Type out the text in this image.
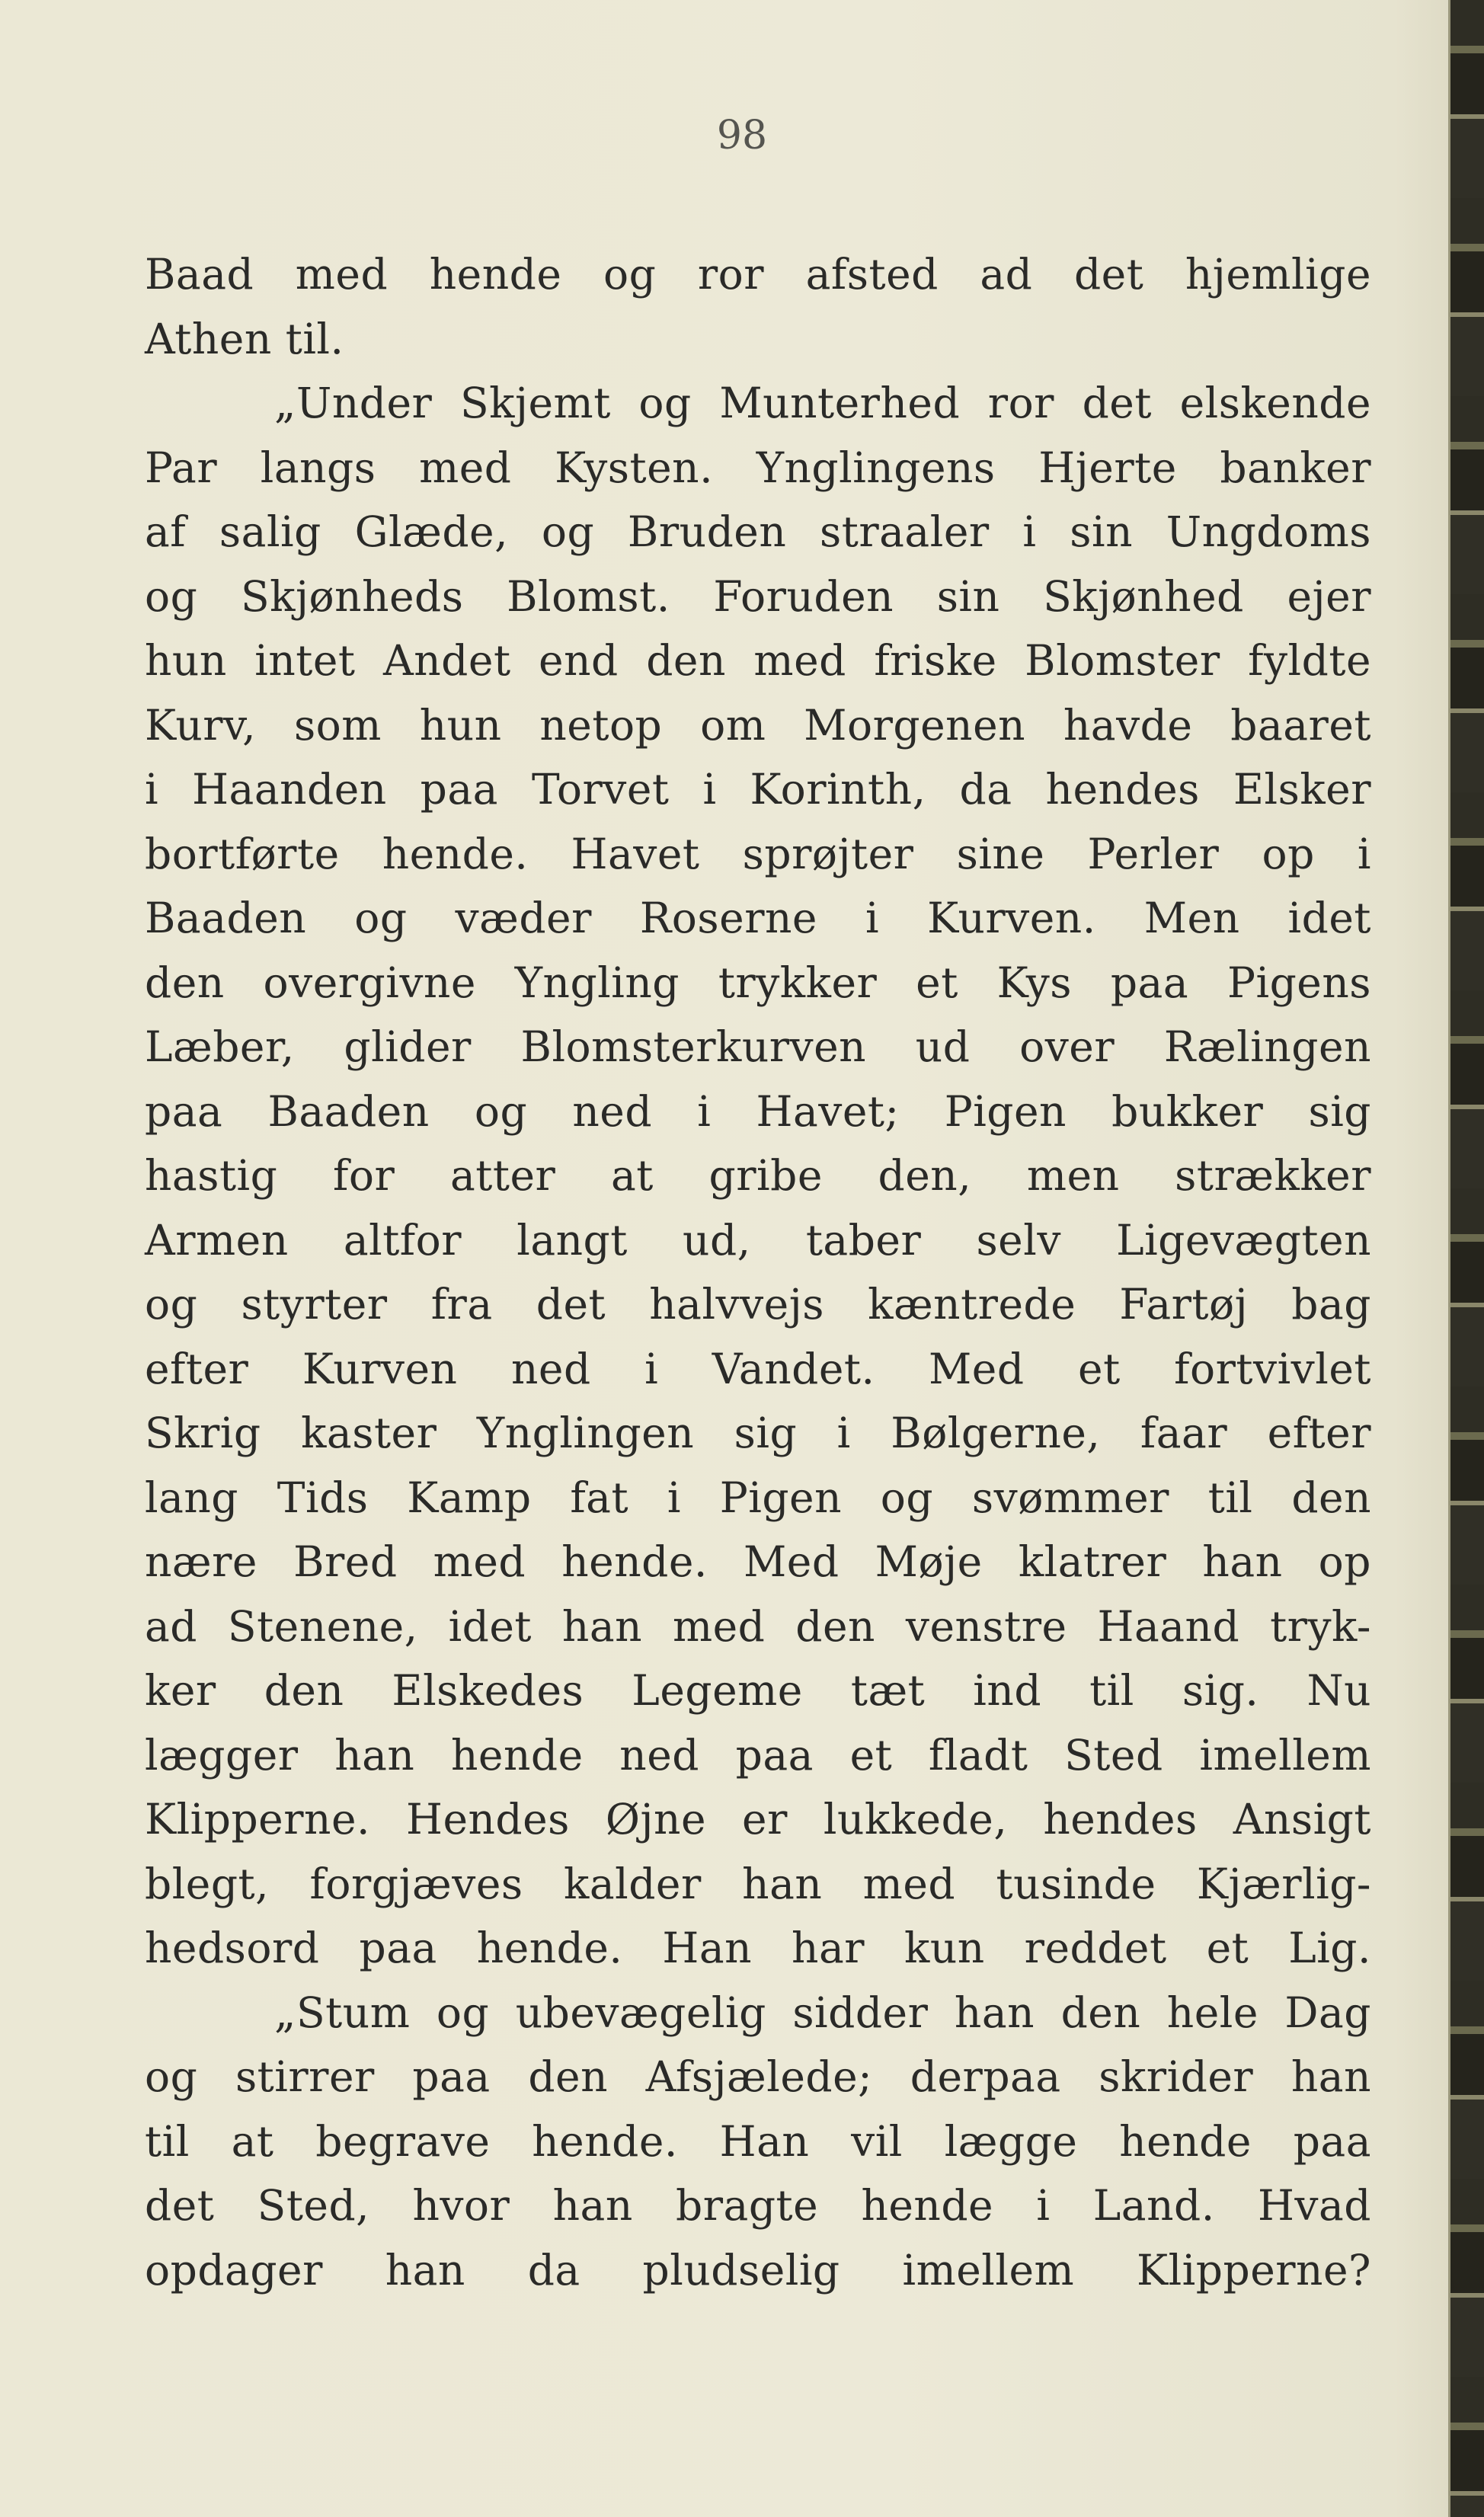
98
Baad med hende og ror afsted ad det hjemlige
Athen til.
„Under Skjemt og Munterhed ror det elskende
Par langs med Kysten. Ynglingens Hjerte banker
af salig Glæde, og Bruden straaler i sin Ungdoms
og Skjønheds Blomst. Foruden sin Skjønhed ejer
hun intet Andet end den med friske Blomster fyldte
Kurv, som hun netop om Morgenen havde baaret
i Haanden paa Torvet i Korinth, da hendes Elsker
bortførte hende. Havet sprøjter sine Perler op i
Baaden og væder Roserne i Kurven. Men idet
den overgivne Yngling trykker et Kys paa Pigens
Læber, glider Blomsterkurven ud over Rælingen
paa Baaden og ned i Havet; Pigen bukker sig
hastig for atter at gribe den, men strækker
Armen altfor langt ud, taber selv Ligevægten
og styrter fra det halvvejs kæntrede Fartøj bag
efter Kurven ned i Vandet. Med et fortvivlet
Skrig kaster Ynglingen sig i Bølgerne, faar efter
lang Tids Kamp fat i Pigen og svømmer til den
nære Bred med hende. Med Møje klatrer han op
ad Stenene, idet han med den venstre Haand tryk-
ker den Elskedes Legeme tæt ind til sig. Nu
lægger han hende ned paa et fladt Sted imellem
Klipperne. Hendes Øjne er lukkede, hendes Ansigt
blegt, forgjæves kalder han med tusinde Kjærlig-
hedsord paa hende. Han har kun reddet et Lig.
„Stum og ubevægelig sidder han den hele Dag
og stirrer paa den Afsjælede; derpaa skrider han
til at begrave hende. Han vil lægge hende paa
det Sted, hvor han bragte hende i Land. Hvad
opdager han da pludselig imellem Klipperne?
